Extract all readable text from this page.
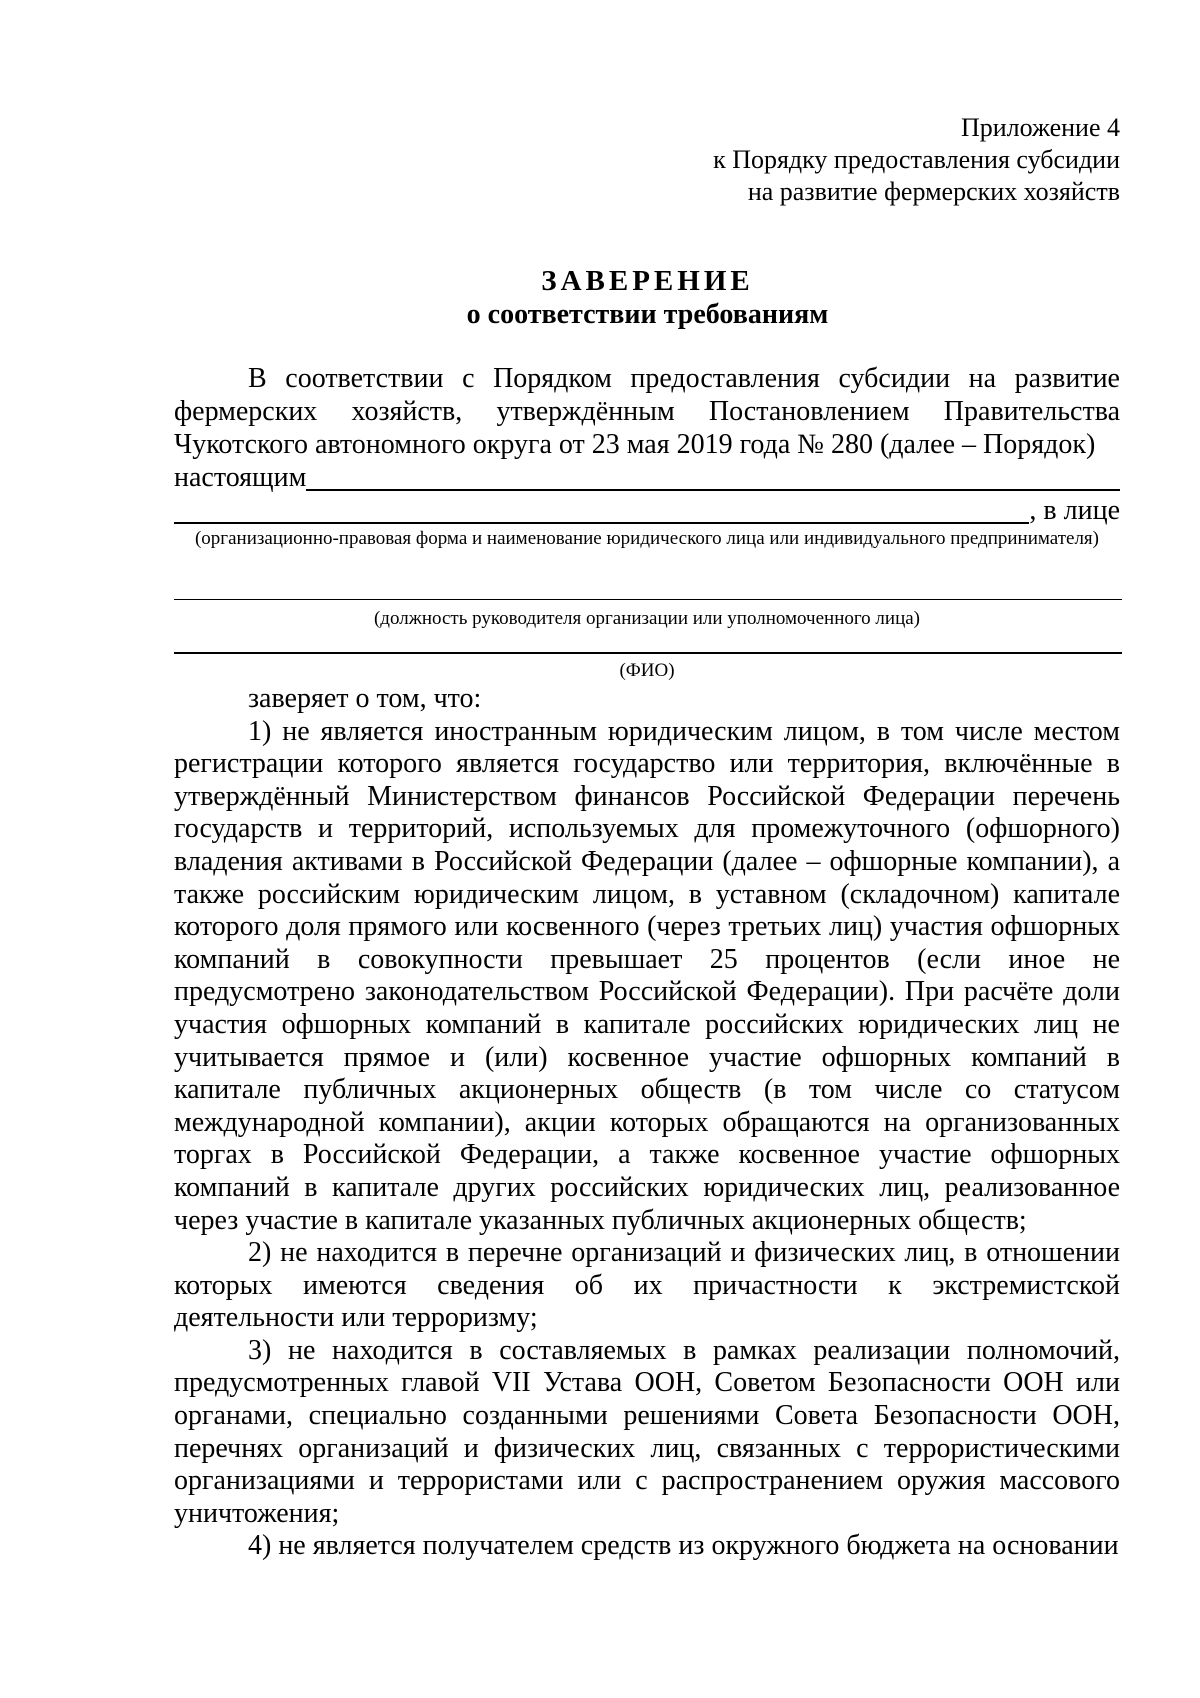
Приложение 4
к Порядку предоставления субсидии
на развитие фермерских хозяйств
ЗАВЕРЕНИЕ
о соответствии требованиям

В соответствии с Порядком предоставления субсидии на развитие фермерских хозяйств, утверждённым Постановлением Правительства Чукотского автономного округа от 23 мая 2019 года № 280 (далее – Порядок)

настоящим
, в лице
(организационно-правовая форма и наименование юридического лица или индивидуального предпринимателя)
(должность руководителя организации или уполномоченного лица)
(ФИО)

заверяет о том, что:

1) не является иностранным юридическим лицом, в том числе местом регистрации которого является государство или территория, включённые в утверждённый Министерством финансов Российской Федерации перечень государств и территорий, используемых для промежуточного (офшорного) владения активами в Российской Федерации (далее – офшорные компании), а также российским юридическим лицом, в уставном (складочном) капитале которого доля прямого или косвенного (через третьих лиц) участия офшорных компаний в совокупности превышает 25 процентов (если иное не предусмотрено законодательством Российской Федерации). При расчёте доли участия офшорных компаний в капитале российских юридических лиц не учитывается прямое и (или) косвенное участие офшорных компаний в капитале публичных акционерных обществ (в том числе со статусом международной компании), акции которых обращаются на организованных торгах в Российской Федерации, а также косвенное участие офшорных компаний в капитале других российских юридических лиц, реализованное через участие в капитале указанных публичных акционерных обществ;

2) не находится в перечне организаций и физических лиц, в отношении которых имеются сведения об их причастности к экстремистской деятельности или терроризму;

3) не находится в составляемых в рамках реализации полномочий, предусмотренных главой VII Устава ООН, Советом Безопасности ООН или органами, специально созданными решениями Совета Безопасности ООН, перечнях организаций и физических лиц, связанных с террористическими организациями и террористами или с распространением оружия массового уничтожения;

4) не является получателем средств из окружного бюджета на основании
